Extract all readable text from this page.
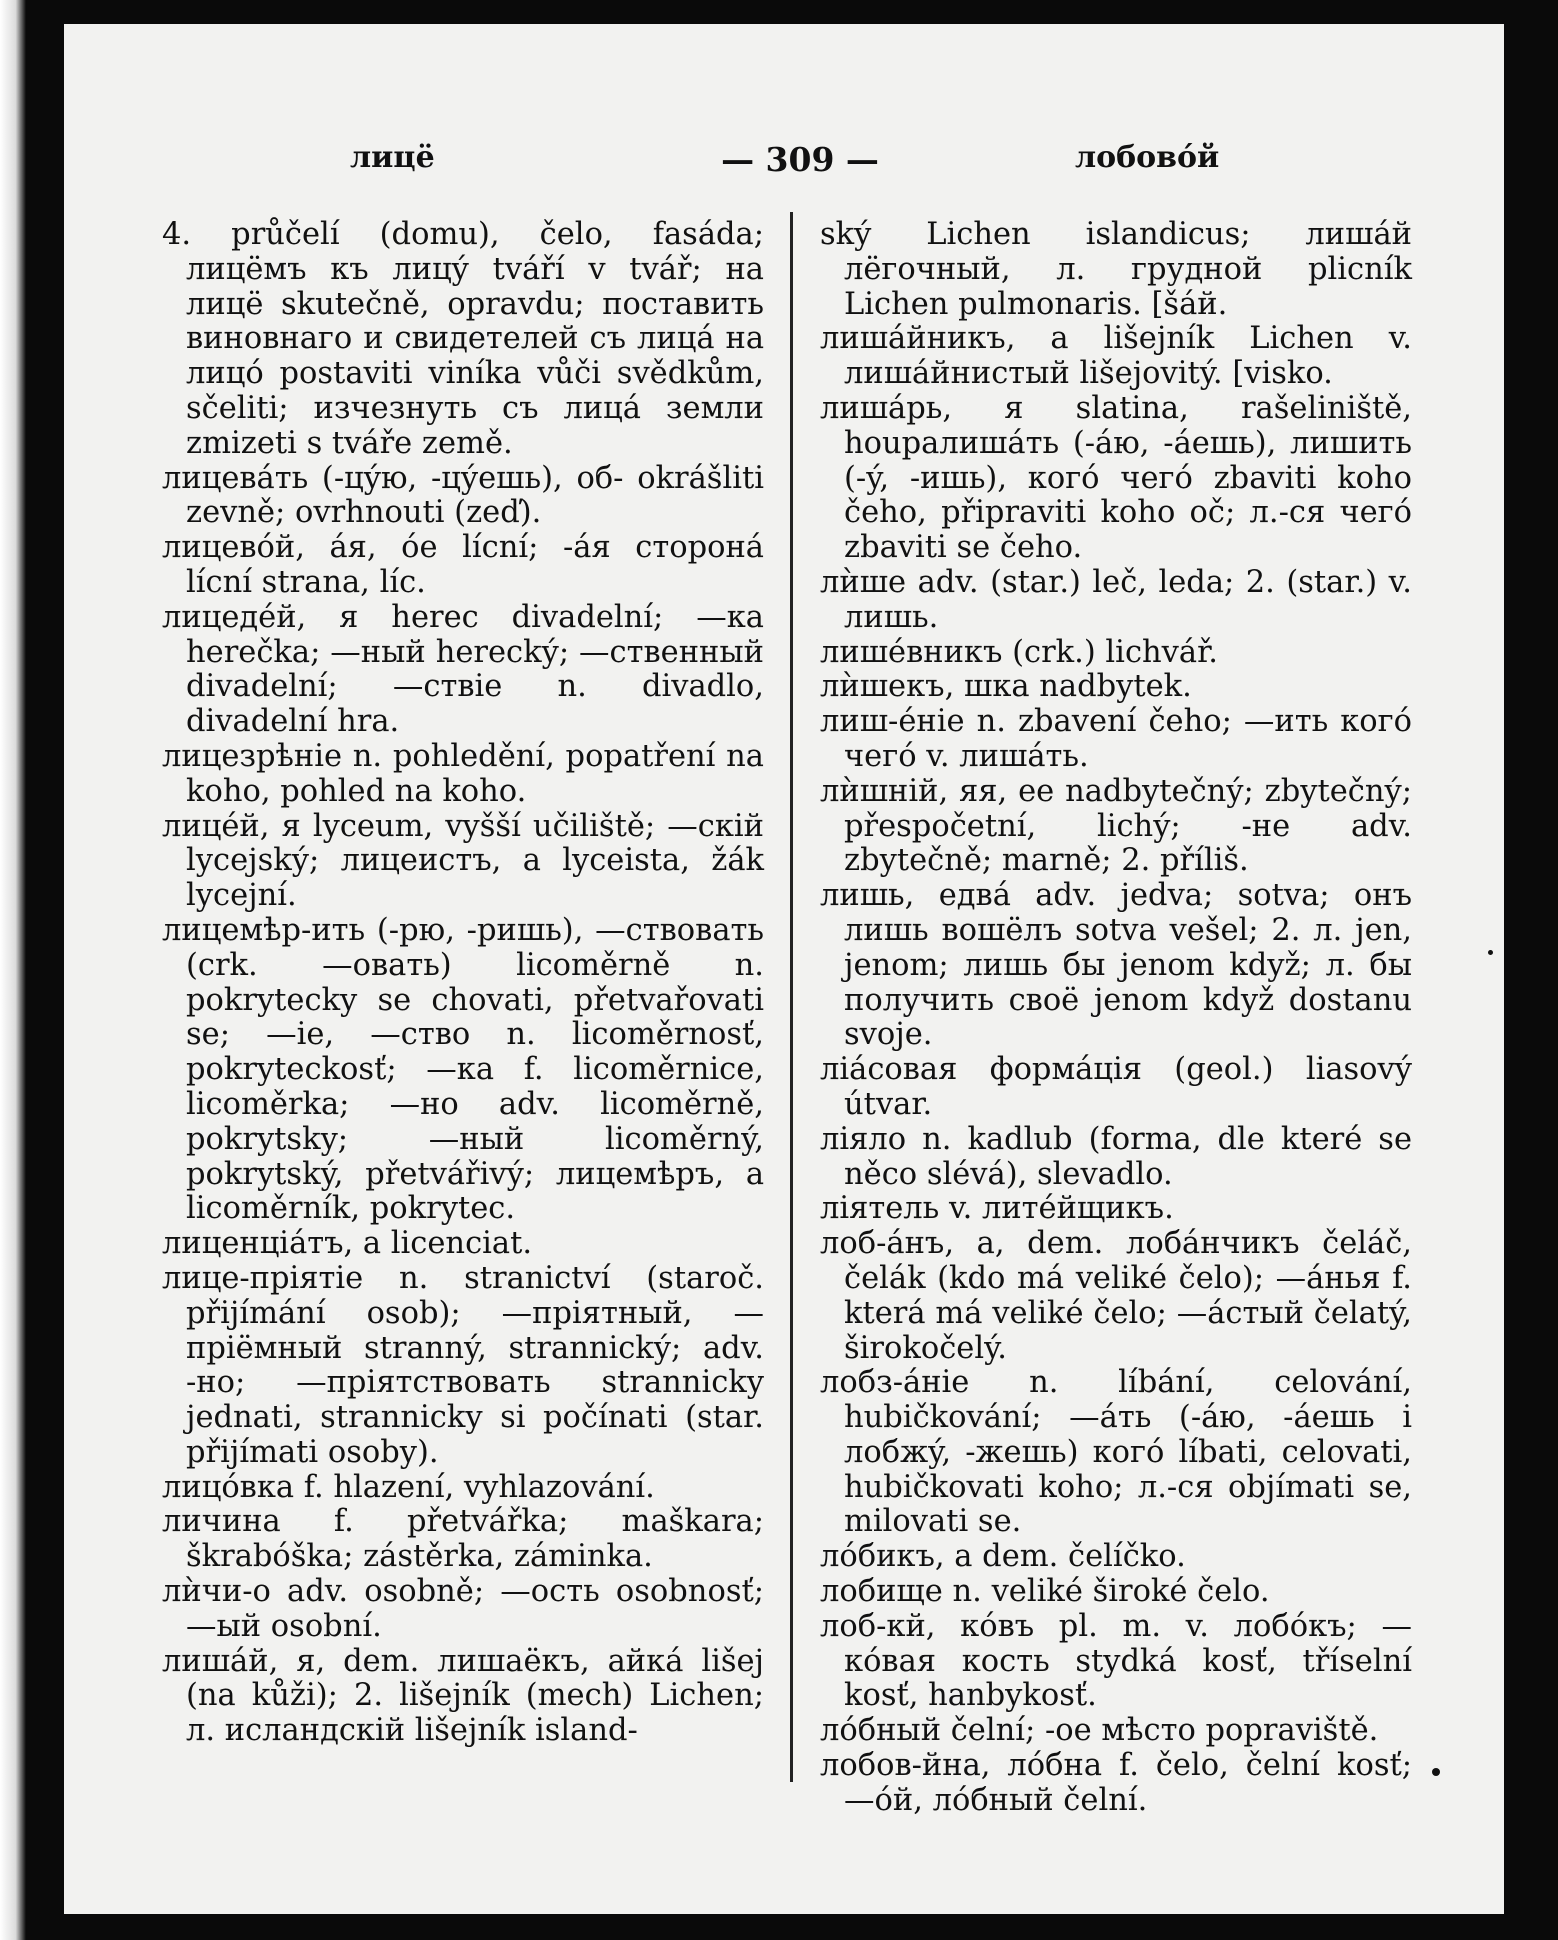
лицё	— 309 —	лобовóй

4. průčelí (domu), čelo, fasáda; лицёмъ къ лицý tváří v tvář; на лицё skutečně, opravdu; поставить виновнаго и свидетелей съ лицá на лицó postaviti viníka vůči svědkům, sčeliti; изчезнуть съ лицá земли zmizeti s tváře země.

лицевáть (-цýю, -цýешь), об- okrášliti zevně; ovrhnouti (zeď).

лицевóй, áя, óе lícní; -áя сторонá lícní strana, líc.

лицедéй, я herec divadelní; —ка herečka; —ный herecký; —ственный divadelní; —ствіе n. divadlo, divadelní hra.

лицезрѣніе n. pohledění, popatření na koho, pohled na koho.

лицéй, я lyceum, vyšší učiliště; —скій lycejský; лицеистъ, а lyceista, žák lycejní.

лицемѣр-ить (-рю, -ришь), —ствовать (crk. —овать) licoměrně n. pokrytecky se chovati, přetvařovati se; —іе, —ство n. licoměrnosť, pokryteckosť; —ка f. licoměrnice, licoměrka; —но adv. licoměrně, pokrytsky; —ный licoměrný, pokrytský, přetvářivý; лицемѣръ, а licoměrník, pokrytec.

лиценціáтъ, а licenciat.

лице-пріятіе n. stranictví (staroč. přijímání osob); —пріятный, —пріёмный stranný, strannický; adv. -но; —пріятствовать strannicky jednati, strannicky si počínati (star. přijímati osoby).

лицóвка f. hlazení, vyhlazování.

личина f. přetvářka; maškara; škrabóška; zástěrka, záminka.

лѝчи-о adv. osobně; —ость osobnosť; —ый osobní.

лишáй, я, dem. лишаёкъ, айкá lišej (na kůži); 2. lišejník (mech) Lichen; л. исландскій lišejník island-

ský Lichen islandicus; лишáй лёгочный, л. грудной plicník Lichen pulmonaris. [šáй.

лишáйникъ, а lišejník Lichen v. лишáйнистый lišejovitý. [visko.

лишáрь, я slatina, rašeliniště, houpaлишáть (-áю, -áешь), лишить (-ý, -ишь), когó чегó zbaviti koho čeho, připraviti koho oč; л.-ся чегó zbaviti se čeho.

лѝше adv. (star.) leč, leda; 2. (star.) v. лишь.

лишéвникъ (crk.) lichvář.

лѝшекъ, шка nadbytek.

лиш-éніе n. zbavení čeho; —ить когó чегó v. лишáть.

лѝшній, яя, ее nadbytečný; zbytečný; přespočetní, lichý; -не adv. zbytečně; marně; 2. příliš.

лишь, едвá adv. jedva; sotva; онъ лишь вошёлъ sotva vešel; 2. л. jen, jenom; лишь бы jenom když; л. бы получить своё jenom když dostanu svoje.

ліáсовая формáція (geol.) liasový útvar.

ліяло n. kadlub (forma, dle které se něco slévá), slevadlo.

ліятель v. литéйщикъ.

лоб-áнъ, а, dem. лобáнчикъ čeláč, čelák (kdo má veliké čelo); —áнья f. která má veliké čelo; —áстый čelatý, širokočelý.

лобз-áніе n. líbání, celování, hubičkování; —áть (-áю, -áешь i лобжý, -жешь) когó líbati, celovati, hubičkovati koho; л.-ся objímati se, milovati se.

лóбикъ, а dem. čelíčko.

лобище n. veliké široké čelo.

лоб-кй, кóвъ pl. m. v. лобóкъ; —кóвая кость stydká kosť, tříselní kosť, hanbykosť.

лóбный čelní; -ое мѣсто popraviště.

лобов-йна, лóбна f. čelo, čelní kosť; —óй, лóбный čelní.
